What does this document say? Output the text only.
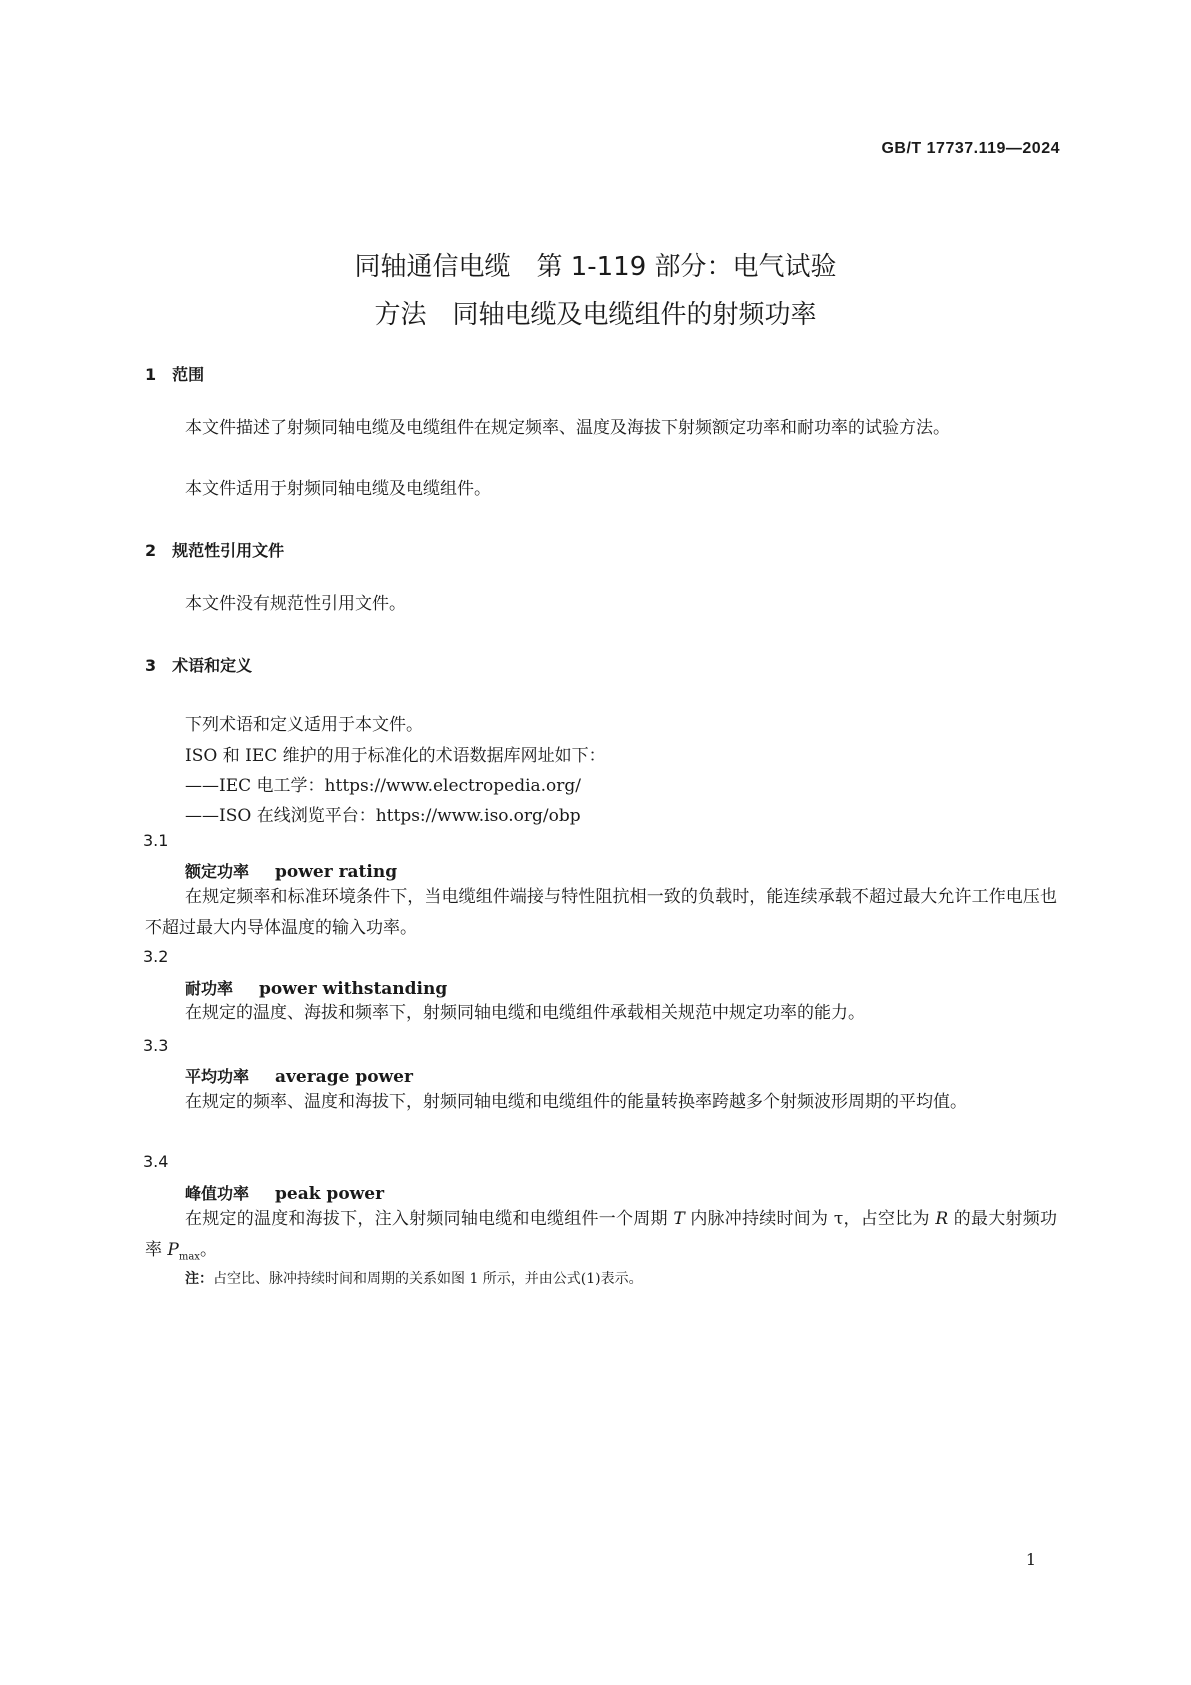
GB/T 17737.119—2024
同轴通信电缆　第 1-119 部分：电气试验
方法　同轴电缆及电缆组件的射频功率
1　范围
本文件描述了射频同轴电缆及电缆组件在规定频率、温度及海拔下射频额定功率和耐功率的试验方法。
本文件适用于射频同轴电缆及电缆组件。
2　规范性引用文件
本文件没有规范性引用文件。
3　术语和定义
下列术语和定义适用于本文件。
ISO 和 IEC 维护的用于标准化的术语数据库网址如下：
——IEC 电工学：https://www.electropedia.org/
——ISO 在线浏览平台：https://www.iso.org/obp
3.1
额定功率 power rating
在规定频率和标准环境条件下，当电缆组件端接与特性阻抗相一致的负载时，能连续承载不超过最大允许工作电压也不超过最大内导体温度的输入功率。
3.2
耐功率 power withstanding
在规定的温度、海拔和频率下，射频同轴电缆和电缆组件承载相关规范中规定功率的能力。
3.3
平均功率 average power
在规定的频率、温度和海拔下，射频同轴电缆和电缆组件的能量转换率跨越多个射频波形周期的平均值。
3.4
峰值功率 peak power
在规定的温度和海拔下，注入射频同轴电缆和电缆组件一个周期 T 内脉冲持续时间为 τ，占空比为 R 的最大射频功率 $P_{max}$。
注：占空比、脉冲持续时间和周期的关系如图 1 所示，并由公式(1)表示。
1
